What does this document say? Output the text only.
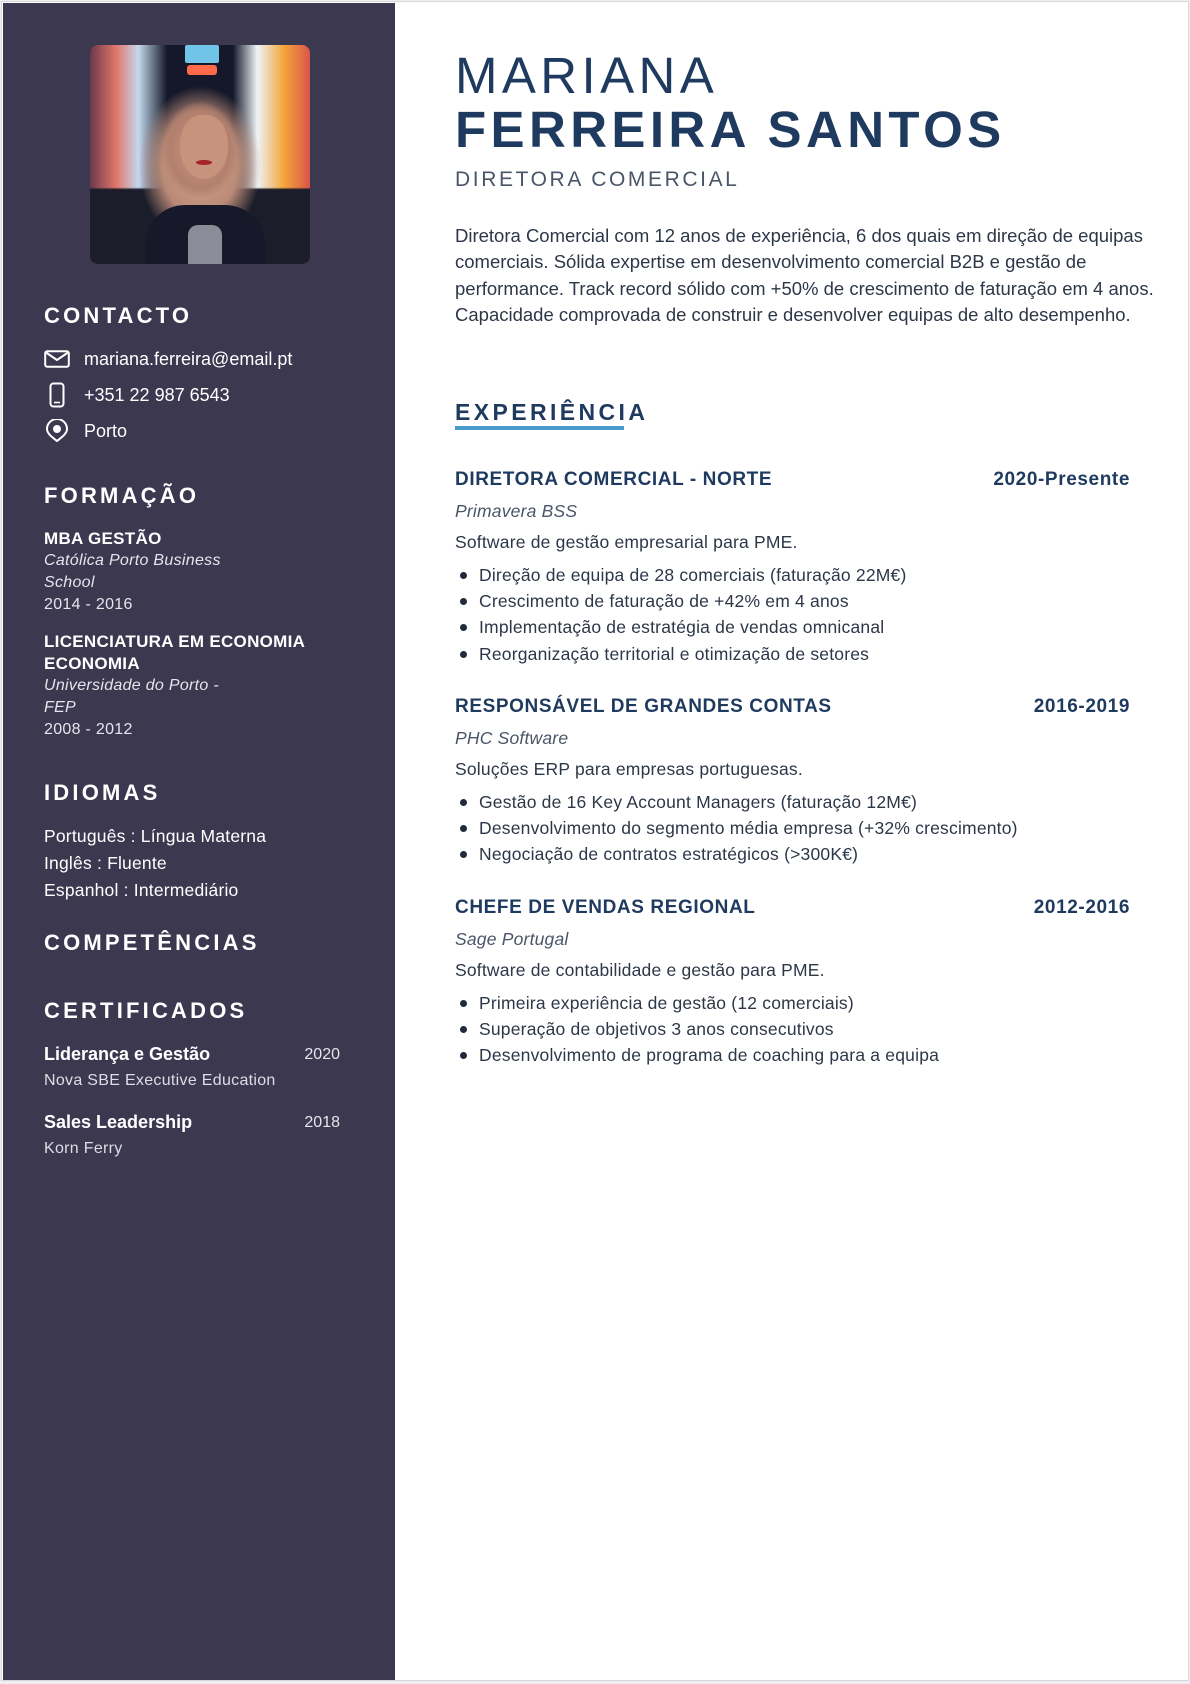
CONTACTO
mariana.ferreira@email.pt
+351 22 987 6543
Porto
FORMAÇÃO
MBA GESTÃO
Católica Porto Business
School
2014 - 2016
LICENCIATURA EM ECONOMIA
ECONOMIA
Universidade do Porto -
FEP
2008 - 2012
IDIOMAS
Português : Língua Materna
Inglês : Fluente
Espanhol : Intermediário
COMPETÊNCIAS
CERTIFICADOS
Liderança e Gestão	2020
Nova SBE Executive Education
Sales Leadership	2018
Korn Ferry
MARIANA
FERREIRA SANTOS
DIRETORA COMERCIAL

Diretora Comercial com 12 anos de experiência, 6 dos quais em direção de equipas comerciais. Sólida expertise em desenvolvimento comercial B2B e gestão de performance. Track record sólido com +50% de crescimento de faturação em 4 anos. Capacidade comprovada de construir e desenvolver equipas de alto desempenho.

EXPERIÊNCIA
DIRETORA COMERCIAL - NORTE	2020-Presente
Primavera BSS
Software de gestão empresarial para PME.
Direção de equipa de 28 comerciais (faturação 22M€)
Crescimento de faturação de +42% em 4 anos
Implementação de estratégia de vendas omnicanal
Reorganização territorial e otimização de setores
RESPONSÁVEL DE GRANDES CONTAS	2016-2019
PHC Software
Soluções ERP para empresas portuguesas.
Gestão de 16 Key Account Managers (faturação 12M€)
Desenvolvimento do segmento média empresa (+32% crescimento)
Negociação de contratos estratégicos (>300K€)
CHEFE DE VENDAS REGIONAL	2012-2016
Sage Portugal
Software de contabilidade e gestão para PME.
Primeira experiência de gestão (12 comerciais)
Superação de objetivos 3 anos consecutivos
Desenvolvimento de programa de coaching para a equipa
